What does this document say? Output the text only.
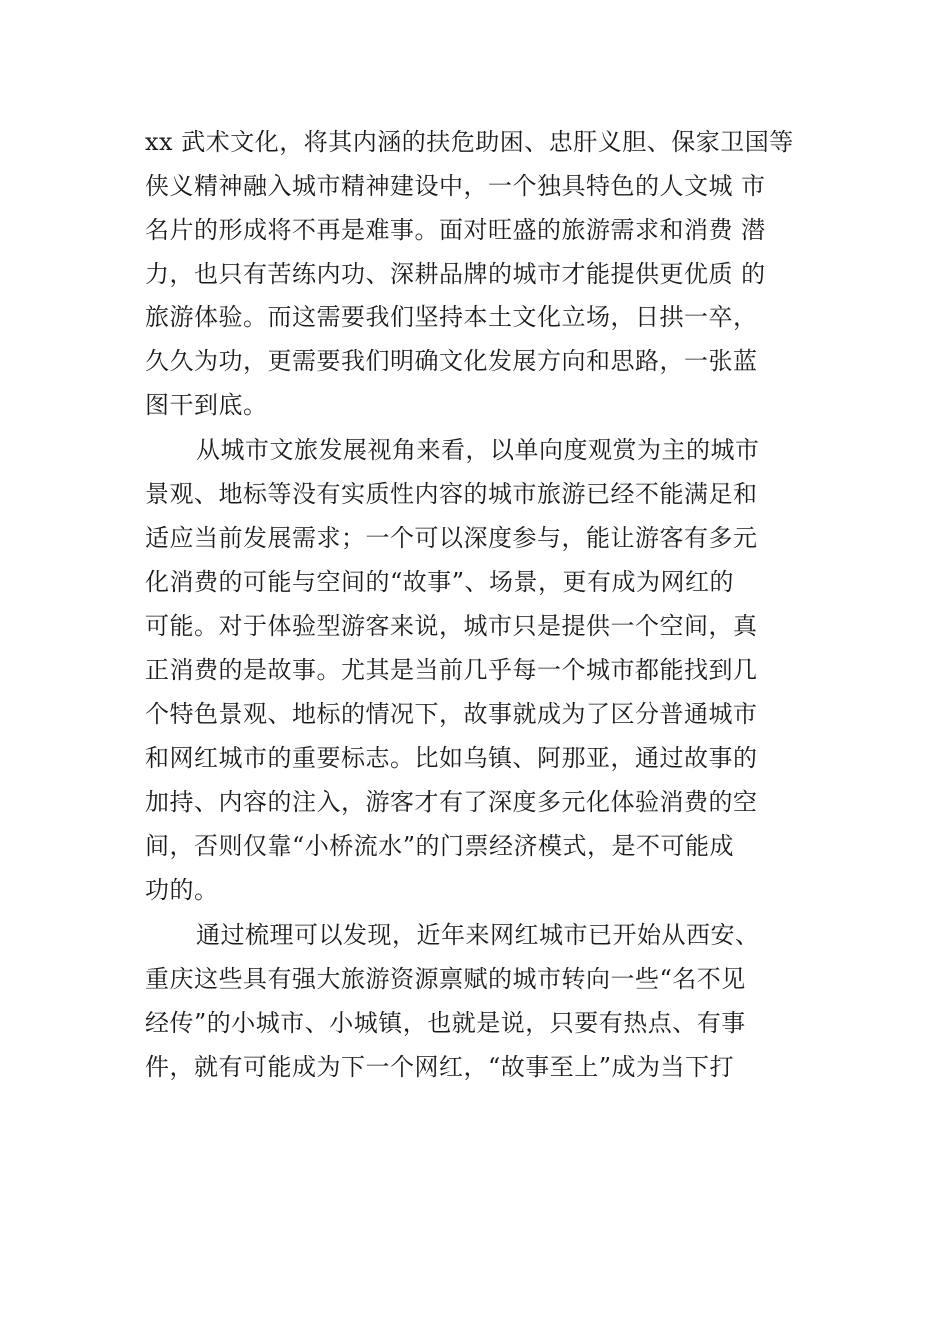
xx 武术文化，将其内涵的扶危助困、忠肝义胆、保家卫国等
侠义精神融入城市精神建设中，一个独具特色的人文城 市
名片的形成将不再是难事。面对旺盛的旅游需求和消费 潜
力，也只有苦练内功、深耕品牌的城市才能提供更优质 的
旅游体验。而这需要我们坚持本土文化立场，日拱一卒，
久久为功，更需要我们明确文化发展方向和思路，一张蓝
图干到底。
从城市文旅发展视角来看，以单向度观赏为主的城市
景观、地标等没有实质性内容的城市旅游已经不能满足和
适应当前发展需求；一个可以深度参与，能让游客有多元
化消费的可能与空间的“故事”、场景，更有成为网红的
可能。对于体验型游客来说，城市只是提供一个空间，真
正消费的是故事。尤其是当前几乎每一个城市都能找到几
个特色景观、地标的情况下，故事就成为了区分普通城市
和网红城市的重要标志。比如乌镇、阿那亚，通过故事的
加持、内容的注入，游客才有了深度多元化体验消费的空
间，否则仅靠“小桥流水”的门票经济模式，是不可能成
功的。
通过梳理可以发现，近年来网红城市已开始从西安、
重庆这些具有强大旅游资源禀赋的城市转向一些“名不见
经传”的小城市、小城镇，也就是说，只要有热点、有事
件，就有可能成为下一个网红，“故事至上”成为当下打
